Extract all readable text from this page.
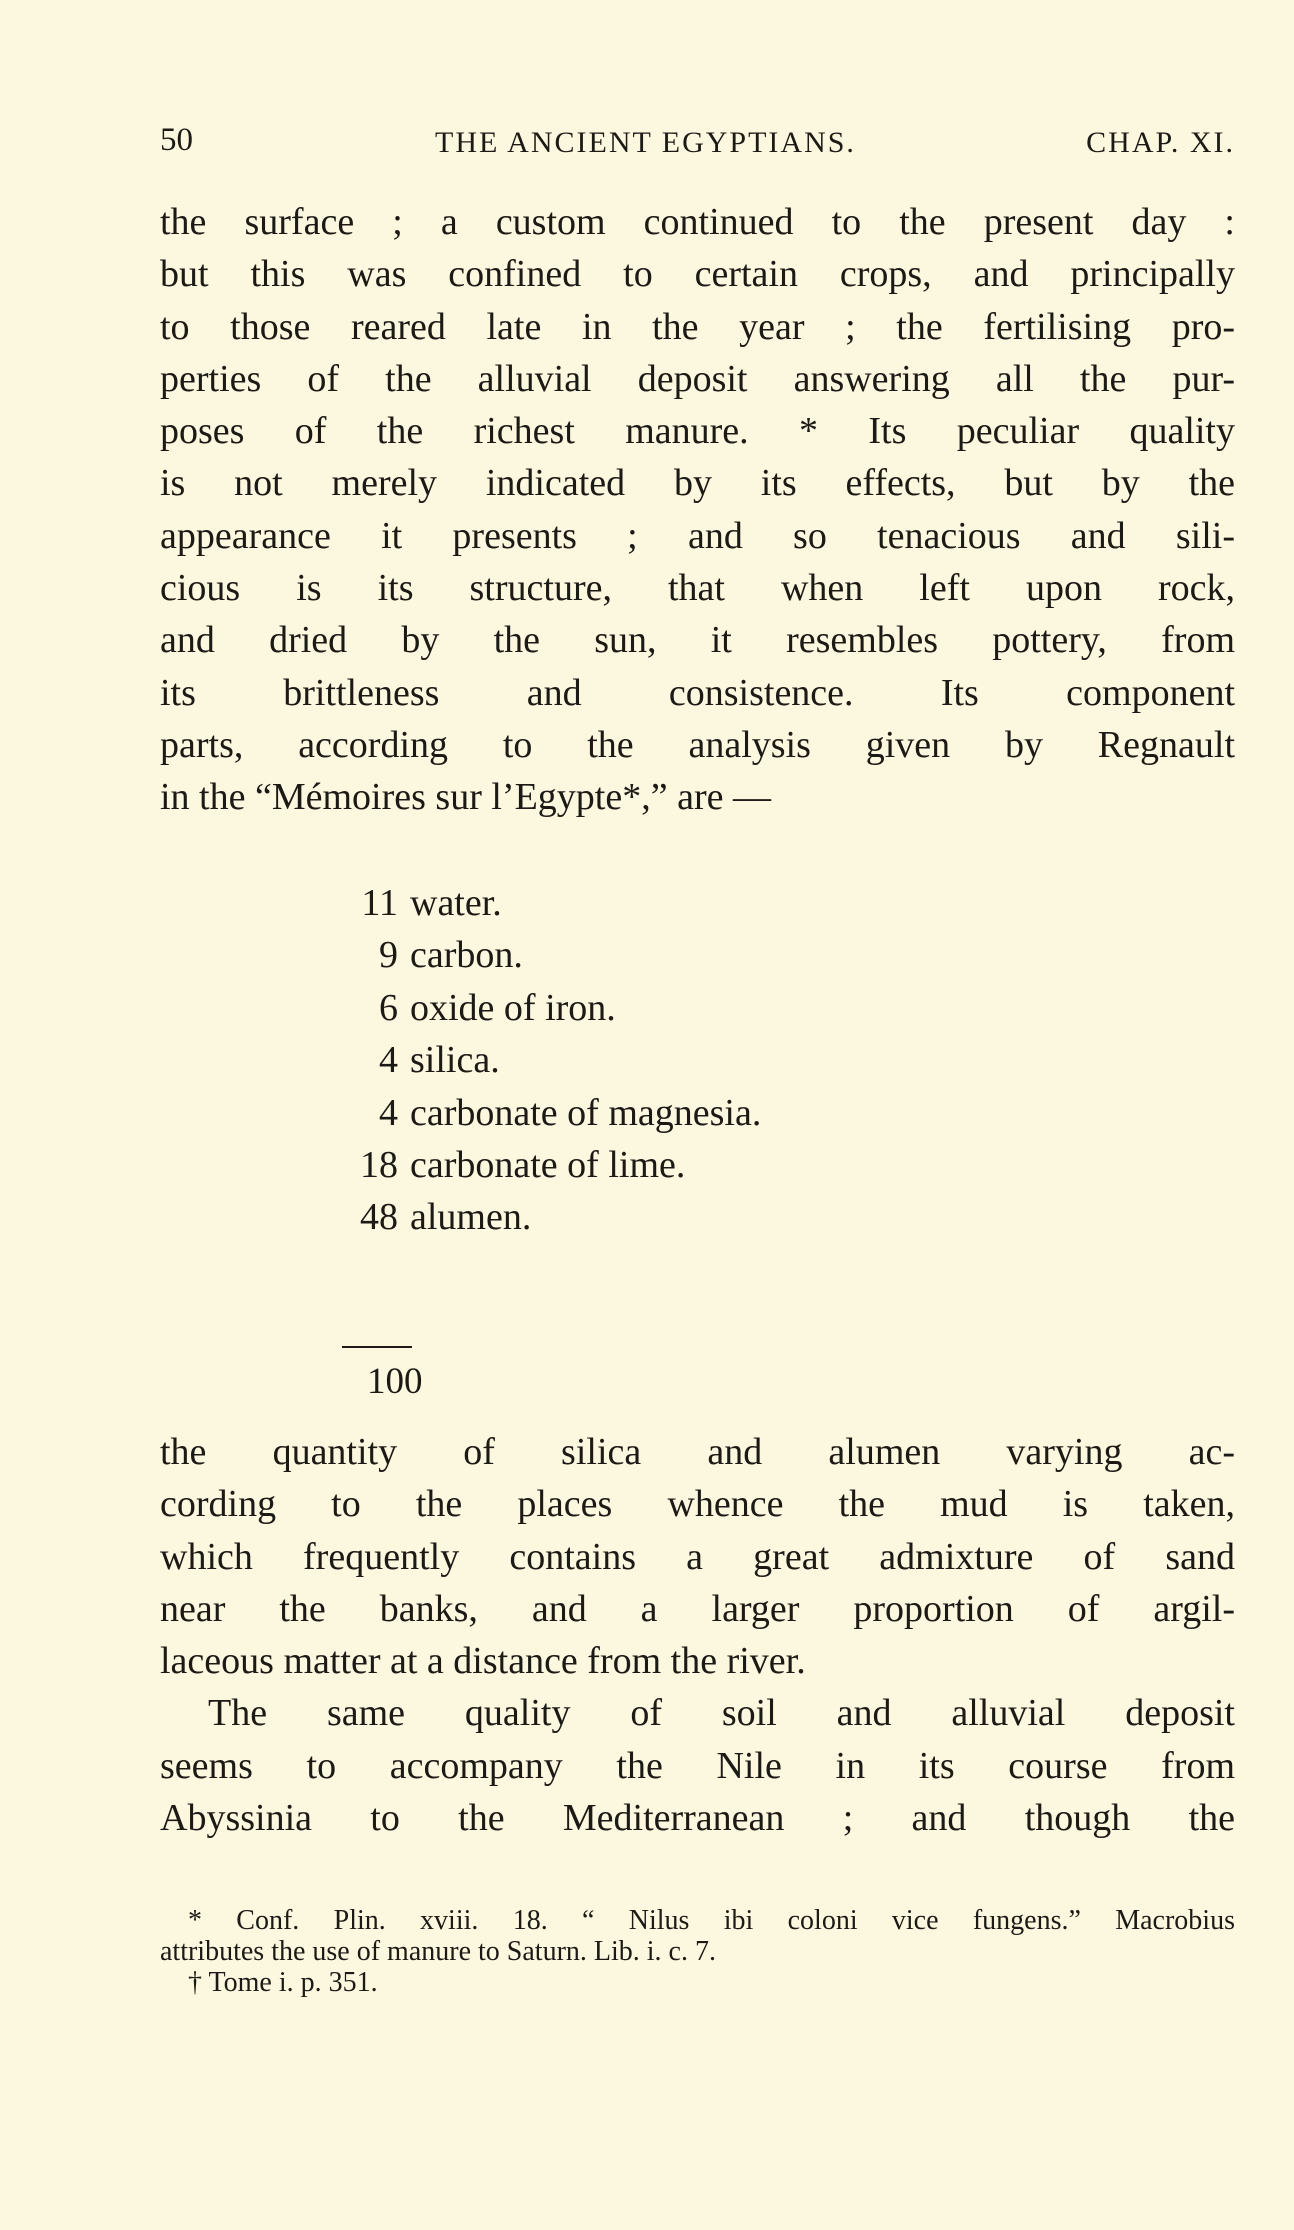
50	THE ANCIENT EGYPTIANS.	CHAP. XI.
the surface ; a custom continued to the present day :
but this was confined to certain crops, and principally
to those reared late in the year ; the fertilising pro-
perties of the alluvial deposit answering all the pur-
poses of the richest manure. * Its peculiar quality
is not merely indicated by its effects, but by the
appearance it presents ; and so tenacious and sili-
cious is its structure, that when left upon rock,
and dried by the sun, it resembles pottery, from
its brittleness and consistence. Its component
parts, according to the analysis given by Regnault
in the “Mémoires sur l’Egypte*,” are —
11 water.
9 carbon.
6 oxide of iron.
4 silica.
4 carbonate of magnesia.
18 carbonate of lime.
48 alumen.
100
the quantity of silica and alumen varying ac-
cording to the places whence the mud is taken,
which frequently contains a great admixture of sand
near the banks, and a larger proportion of argil-
laceous matter at a distance from the river.
The same quality of soil and alluvial deposit
seems to accompany the Nile in its course from
Abyssinia to the Mediterranean ; and though the
* Conf. Plin. xviii. 18. “ Nilus ibi coloni vice fungens.” Macrobius
attributes the use of manure to Saturn. Lib. i. c. 7.
† Tome i. p. 351.
